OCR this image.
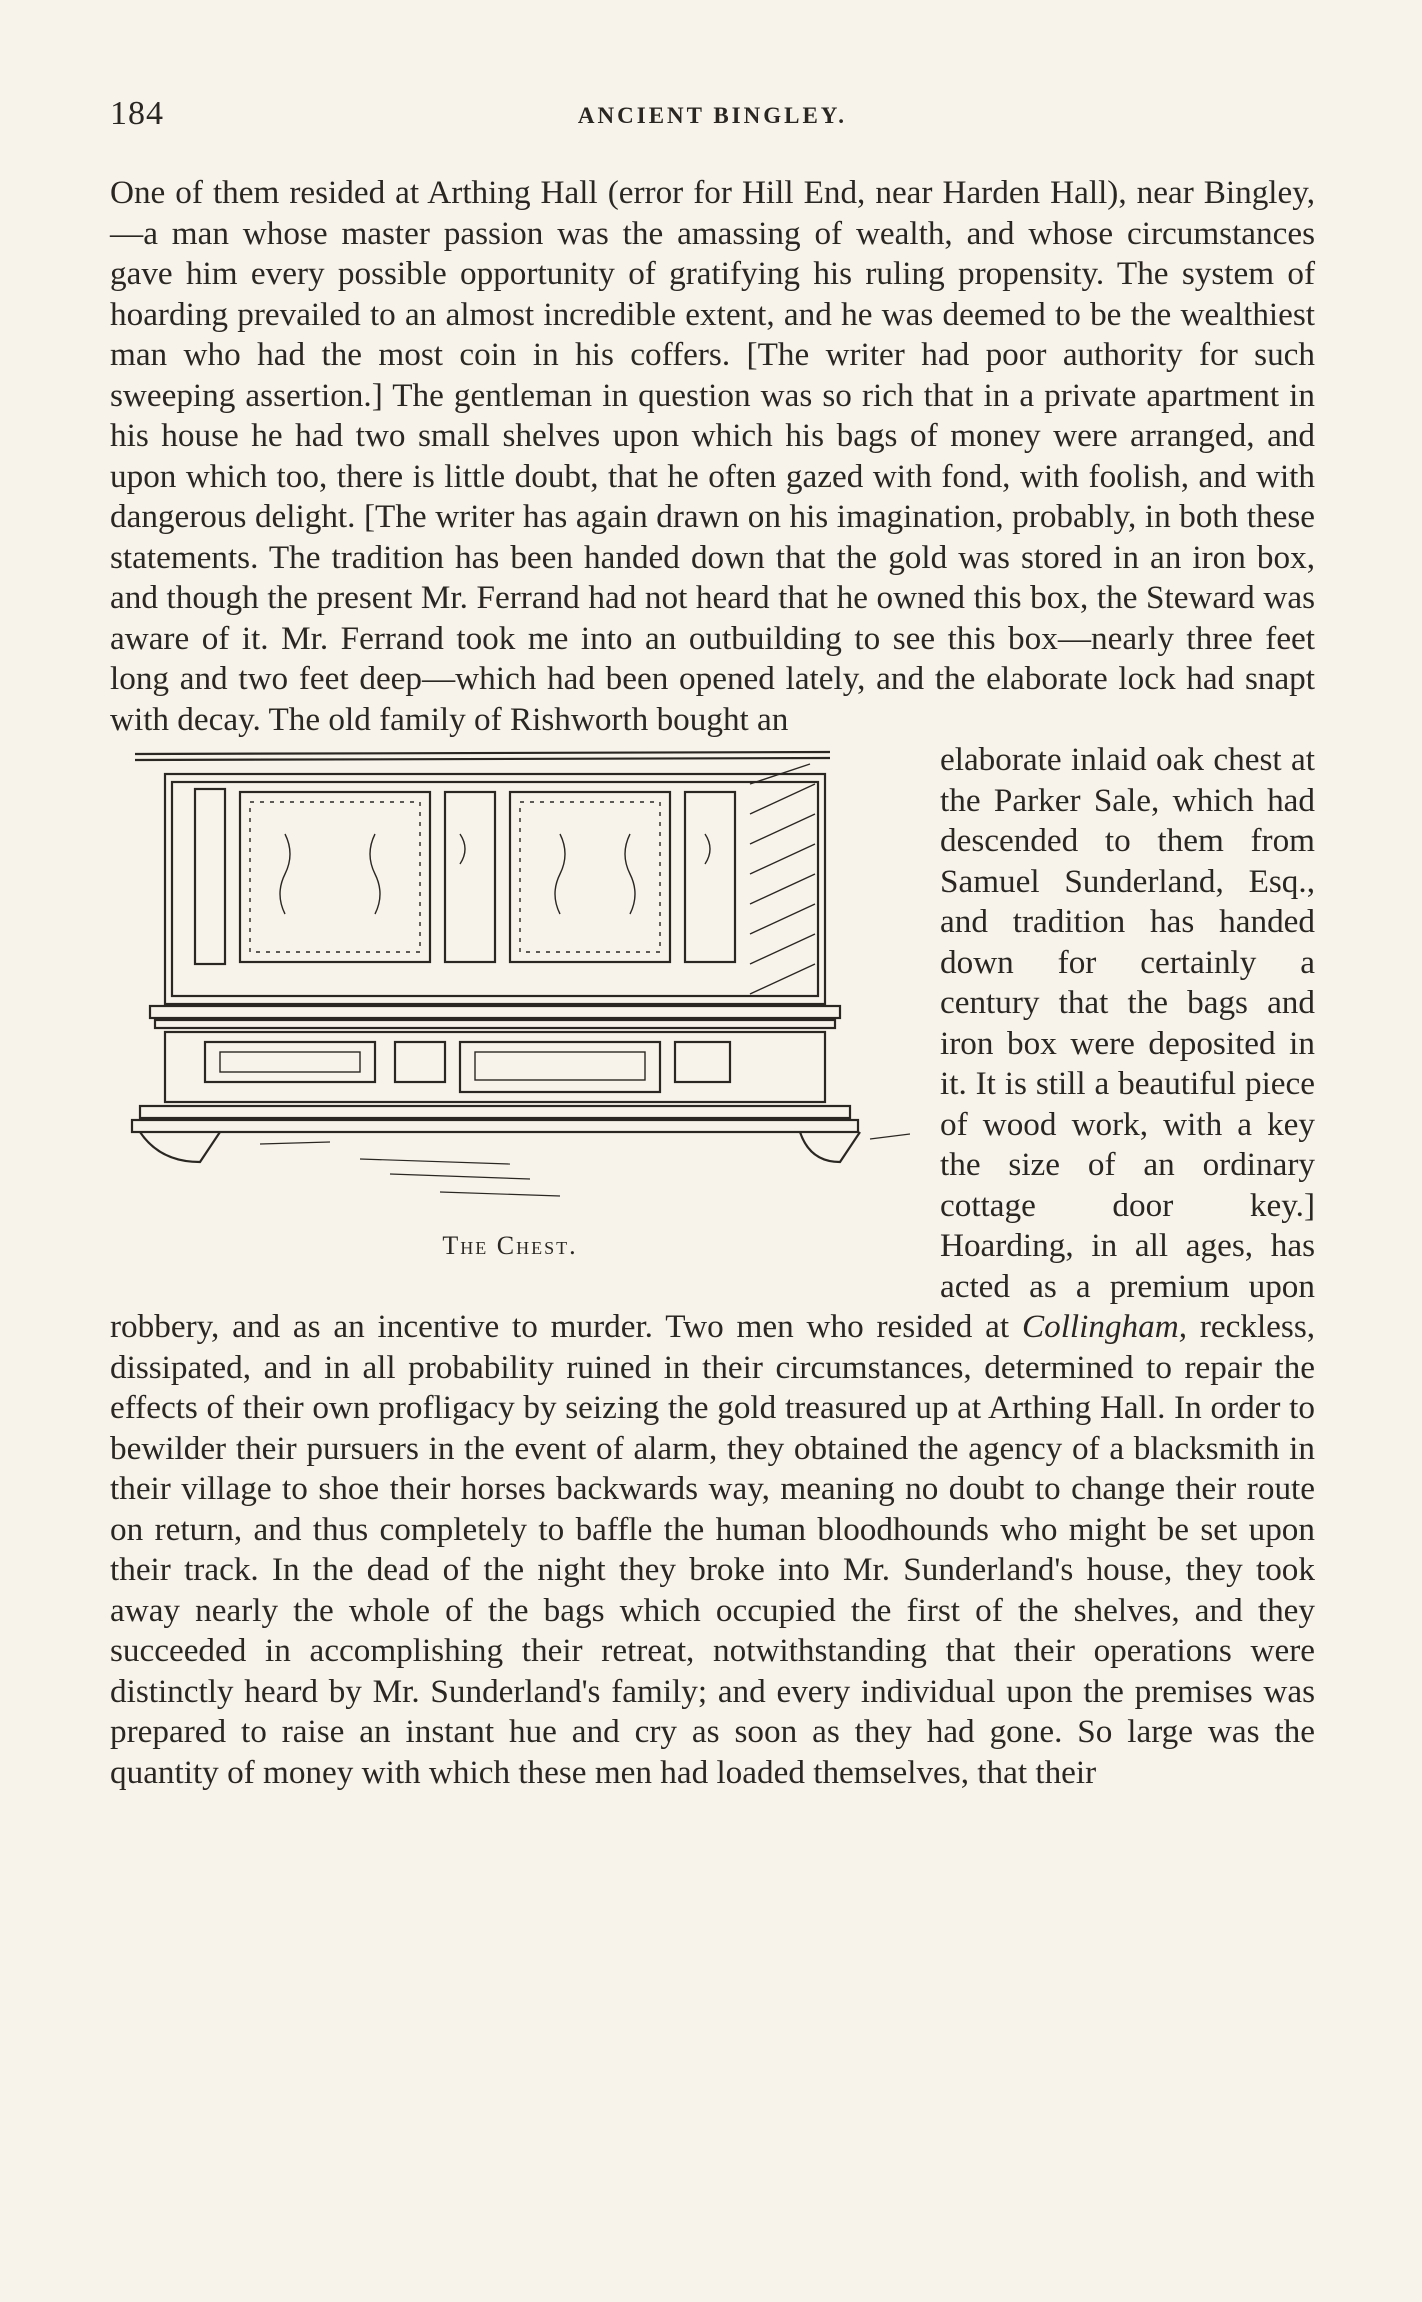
184	ANCIENT BINGLEY.

One of them resided at Arthing Hall (error for Hill End, near Harden Hall), near Bingley,—a man whose master passion was the amassing of wealth, and whose circumstances gave him every possible opportunity of gratifying his ruling propensity. The system of hoarding prevailed to an almost incredible extent, and he was deemed to be the wealthiest man who had the most coin in his coffers. [The writer had poor authority for such sweeping assertion.] The gentleman in question was so rich that in a private apartment in his house he had two small shelves upon which his bags of money were arranged, and upon which too, there is little doubt, that he often gazed with fond, with foolish, and with dangerous delight. [The writer has again drawn on his imagination, probably, in both these statements. The tradition has been handed down that the gold was stored in an iron box, and though the present Mr. Ferrand had not heard that he owned this box, the Steward was aware of it. Mr. Ferrand took me into an outbuilding to see this box—nearly three feet long and two feet deep—which had been opened lately, and the elaborate lock had snapt with decay. The old family of Rishworth bought an

The Chest.

elaborate inlaid oak chest at the Parker Sale, which had descended to them from Samuel Sunderland, Esq., and tradition has handed down for certainly a century that the bags and iron box were deposited in it. It is still a beautiful piece of wood work, with a key the size of an ordinary cottage door key.] Hoarding, in all ages, has acted as a premium upon robbery, and as an incentive to murder. Two men who resided at Collingham, reckless, dissipated, and in all probability ruined in their circumstances, determined to repair the effects of their own profligacy by seizing the gold treasured up at Arthing Hall. In order to bewilder their pursuers in the event of alarm, they obtained the agency of a blacksmith in their village to shoe their horses backwards way, meaning no doubt to change their route on return, and thus completely to baffle the human bloodhounds who might be set upon their track. In the dead of the night they broke into Mr. Sunderland's house, they took away nearly the whole of the bags which occupied the first of the shelves, and they succeeded in accomplishing their retreat, notwithstanding that their operations were distinctly heard by Mr. Sunderland's family; and every individual upon the premises was prepared to raise an instant hue and cry as soon as they had gone. So large was the quantity of money with which these men had loaded themselves, that their
